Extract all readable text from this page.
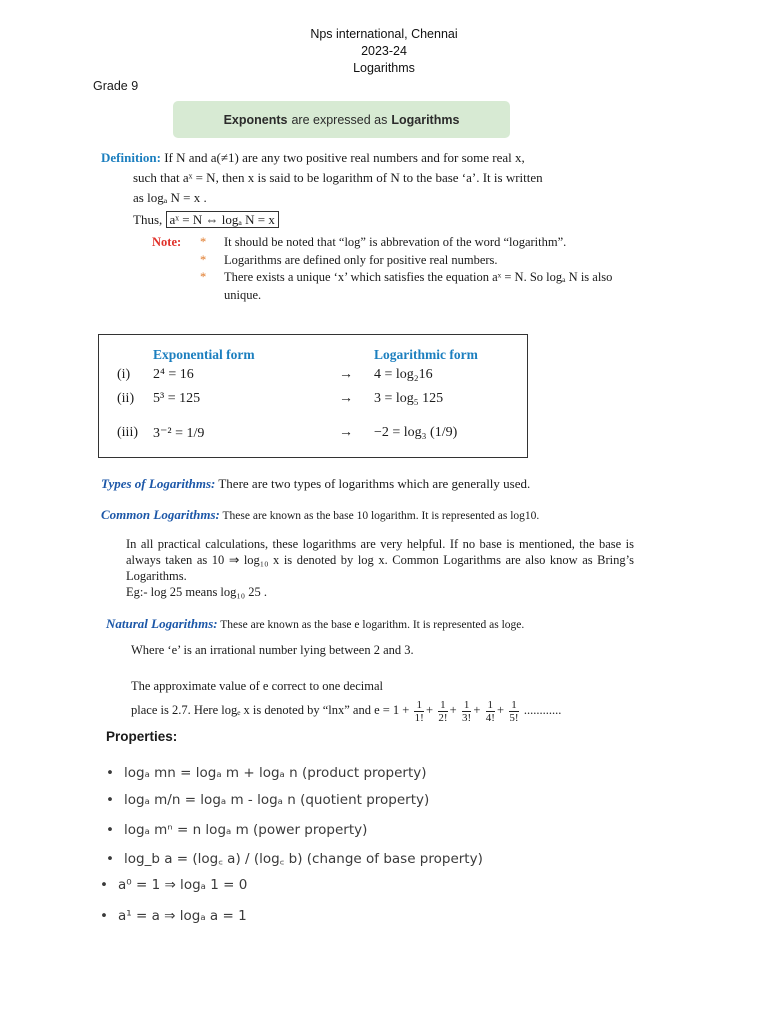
Nps international, Chennai
2023-24
Logarithms
Grade 9
Exponents are expressed as Logarithms
Definition: If N and a(≠1) are any two positive real numbers and for some real x,
such that aˣ = N, then x is said to be logarithm of N to the base ‘a’. It is written
as logₐ N = x .
Thus, aˣ = N ⇔ logₐ N = x
Note:	*	It should be noted that “log” is abbrevation of the word “logarithm”.
*	Logarithms are defined only for positive real numbers.
*	There exists a unique ‘x’ which satisfies the equation aˣ = N. So logₐ N is also unique.
Exponential form	Logarithmic form
(i) 2⁴ = 16	→ 4 = log₂16
(ii) 5³ = 125	→ 3 = log₅ 125
(iii) 3⁻² = 1/9	→ −2 = log₃ (1/9)
Types of Logarithms: There are two types of logarithms which are generally used.
Common Logarithms: These are known as the base 10 logarithm. It is represented as log10.
In all practical calculations, these logarithms are very helpful. If no base is mentioned, the base is always taken as 10 ⇒ log₁₀ x is denoted by log x. Common Logarithms are also know as Bring’s Logarithms.
Eg:- log 25 means log₁₀ 25 .
Natural Logarithms: These are known as the base e logarithm. It is represented as loge.
Where ‘e’ is an irrational number lying between 2 and 3.
The approximate value of e correct to one decimal
place is 2.7. Here logₑ x is denoted by “lnx” and $e = 1 + \frac{1}{1!} + \frac{1}{2!} + \frac{1}{3!} + \frac{1}{4!} + \frac{1}{5!}$ ............
Properties:
• logₐ mn = logₐ m + logₐ n (product property)
• logₐ m/n = logₐ m - logₐ n (quotient property)
• logₐ mⁿ = n logₐ m (power property)
• log_b a = (log꜀ a) / (log꜀ b) (change of base property)
• a⁰ = 1 ⇒ logₐ 1 = 0
• a¹ = a ⇒ logₐ a = 1
